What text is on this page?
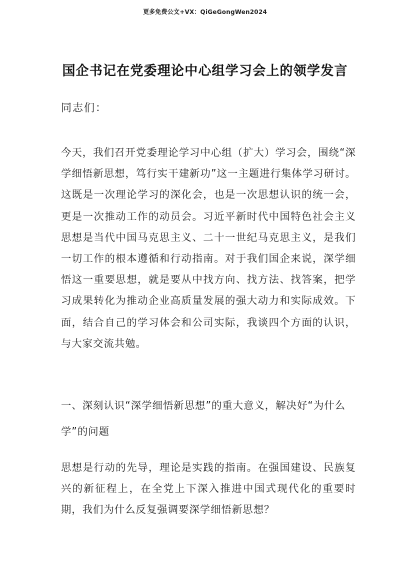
更多免费公文+VX：QiGeGongWen2024
国企书记在党委理论中心组学习会上的领学发言
同志们：
今天，我们召开党委理论学习中心组（扩大）学习会，围绕“深学细悟新思想，笃行实干建新功”这一主题进行集体学习研讨。这既是一次理论学习的深化会，也是一次思想认识的统一会，更是一次推动工作的动员会。习近平新时代中国特色社会主义思想是当代中国马克思主义、二十一世纪马克思主义，是我们一切工作的根本遵循和行动指南。对于我们国企来说，深学细悟这一重要思想，就是要从中找方向、找方法、找答案，把学习成果转化为推动企业高质量发展的强大动力和实际成效。下面，结合自己的学习体会和公司实际，我谈四个方面的认识，与大家交流共勉。
一、深刻认识“深学细悟新思想”的重大意义，解决好“为什么学”的问题
思想是行动的先导，理论是实践的指南。在强国建设、民族复兴的新征程上，在全党上下深入推进中国式现代化的重要时期，我们为什么反复强调要深学细悟新思想？
